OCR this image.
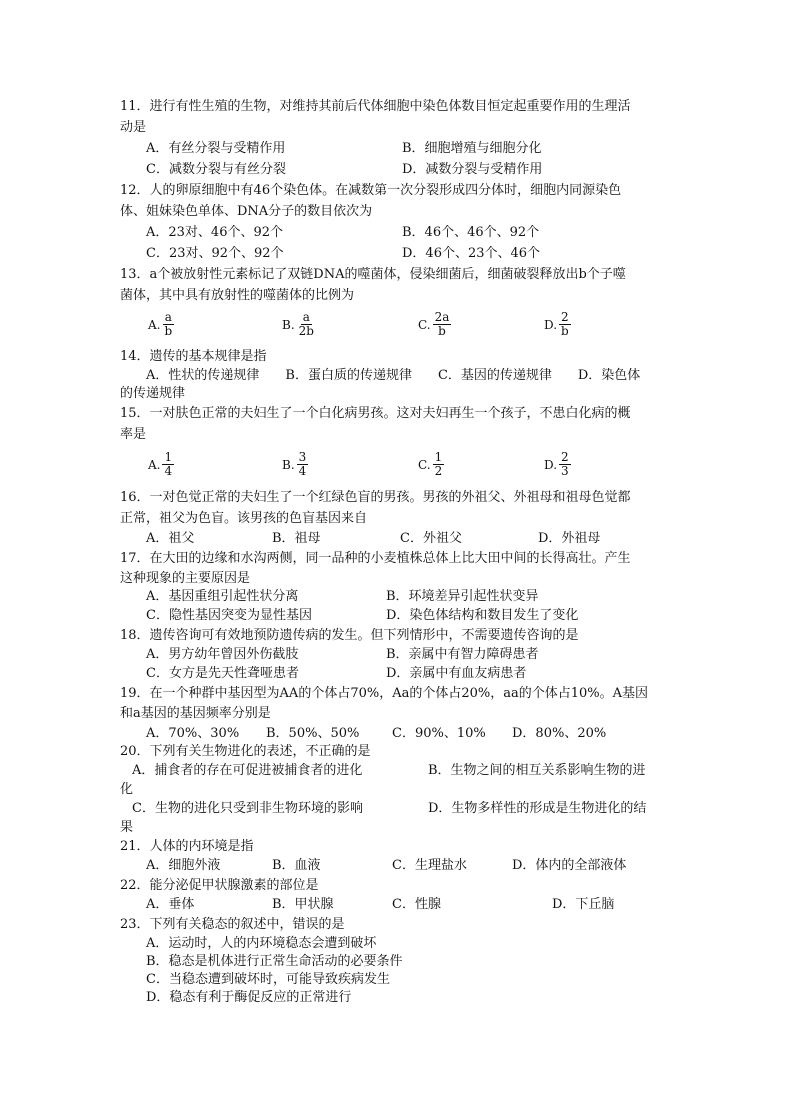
11．进行有性生殖的生物，对维持其前后代体细胞中染色体数目恒定起重要作用的生理活
动是
A．有丝分裂与受精作用	B．细胞增殖与细胞分化
C．减数分裂与有丝分裂	D．减数分裂与受精作用
12．人的卵原细胞中有46个染色体。在减数第一次分裂形成四分体时，细胞内同源染色
体、姐妹染色单体、DNA分子的数目依次为
A．23对、46个、92个	B．46个、46个、92个
C．23对、92个、92个	D．46个、23个、46个
13．a个被放射性元素标记了双链DNA的噬菌体，侵染细菌后，细菌破裂释放出b个子噬
菌体，其中具有放射性的噬菌体的比例为
A. $\frac{a}{b}$	B. $\frac{a}{2b}$	C. $\frac{2a}{b}$	D. $\frac{2}{b}$
14．遗传的基本规律是指
A．性状的传递规律　　B．蛋白质的传递规律　　C．基因的传递规律　　D．染色体
的传递规律
15．一对肤色正常的夫妇生了一个白化病男孩。这对夫妇再生一个孩子，不患白化病的概
率是
A. $\frac{1}{4}$	B. $\frac{3}{4}$	C. $\frac{1}{2}$	D. $\frac{2}{3}$
16．一对色觉正常的夫妇生了一个红绿色盲的男孩。男孩的外祖父、外祖母和祖母色觉都
正常，祖父为色盲。该男孩的色盲基因来自
A．祖父	B．祖母	C．外祖父	D．外祖母
17．在大田的边缘和水沟两侧，同一品种的小麦植株总体上比大田中间的长得高壮。产生
这种现象的主要原因是
A．基因重组引起性状分离	B．环境差异引起性状变异
C．隐性基因突变为显性基因	D．染色体结构和数目发生了变化
18．遗传咨询可有效地预防遗传病的发生。但下列情形中，不需要遗传咨询的是
A．男方幼年曾因外伤截肢	B．亲属中有智力障碍患者
C．女方是先天性聋哑患者	D．亲属中有血友病患者
19．在一个种群中基因型为AA的个体占70%，Aa的个体占20%，aa的个体占10%。A基因
和a基因的基因频率分别是
A．70%、30% B．50%、50%	C．90%、10% D．80%、20%
20．下列有关生物进化的表述，不正确的是
A．捕食者的存在可促进被捕食者的进化	B．生物之间的相互关系影响生物的进
化
C．生物的进化只受到非生物环境的影响	D．生物多样性的形成是生物进化的结
果
21．人体的内环境是指
A．细胞外液	B．血液	C．生理盐水	D．体内的全部液体
22．能分泌促甲状腺激素的部位是
A．垂体	B．甲状腺	C．性腺	D．下丘脑
23．下列有关稳态的叙述中，错误的是
A．运动时，人的内环境稳态会遭到破坏
B．稳态是机体进行正常生命活动的必要条件
C．当稳态遭到破坏时，可能导致疾病发生
D．稳态有利于酶促反应的正常进行
